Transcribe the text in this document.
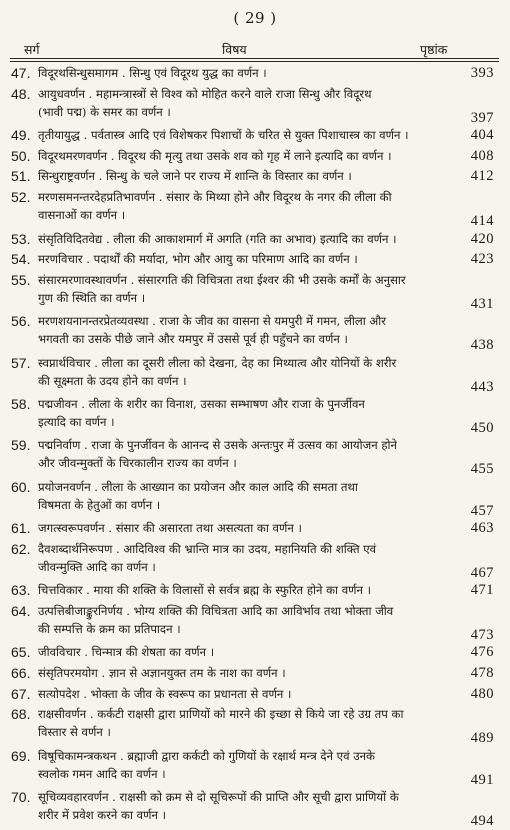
( 29 )
सर्ग	विषय	पृष्ठांक
47. विदूरथसिन्धुसमागम . सिन्धु एवं विदूरथ युद्ध का वर्णन ।	393
48. आयुधवर्णन . महामन्त्रास्त्रों से विश्व को मोहित करने वाले राजा सिन्धु और विदूरथ
(भावी पद्म) के समर का वर्णन ।	397
49. तृतीयायुद्ध . पर्वतास्त्र आदि एवं विशेषकर पिशाचों के चरित से युक्त पिशाचास्त्र का वर्णन ।	404
50. विदूरथमरणवर्णन . विदूरथ की मृत्यु तथा उसके शव को गृह में लाने इत्यादि का वर्णन ।	408
51. सिन्धुराष्ट्रवर्णन . सिन्धु के चले जाने पर राज्य में शान्ति के विस्तार का वर्णन ।	412
52. मरणसमनन्तरदेहप्रतिभावर्णन . संसार के मिथ्या होने और विदूरथ के नगर की लीला की
वासनाओं का वर्णन ।	414
53. संसृतिविदितवेद्य . लीला की आकाशमार्ग में अगति (गति का अभाव) इत्यादि का वर्णन ।	420
54. मरणविचार . पदार्थों की मर्यादा, भोग और आयु का परिमाण आदि का वर्णन ।	423
55. संसारमरणावस्थावर्णन . संसारगति की विचित्रता तथा ईश्वर की भी उसके कर्मों के अनुसार
गुण की स्थिति का वर्णन ।	431
56. मरणशयनानन्तरप्रेतव्यवस्था . राजा के जीव का वासना से यमपुरी में गमन, लीला और
भगवती का उसके पीछे जाने और यमपुर में उससे पूर्व ही पहुँचने का वर्णन ।	438
57. स्वप्नार्थविचार . लीला का दूसरी लीला को देखना, देह का मिथ्यात्व और योनियों के शरीर
की सूक्ष्मता के उदय होने का वर्णन ।	443
58. पद्मजीवन . लीला के शरीर का विनाश, उसका सम्भाषण और राजा के पुनर्जीवन
इत्यादि का वर्णन ।	450
59. पद्मनिर्वाण . राजा के पुनर्जीवन के आनन्द से उसके अन्तःपुर में उत्सव का आयोजन होने
और जीवन्मुक्तों के चिरकालीन राज्य का वर्णन ।	455
60. प्रयोजनवर्णन . लीला के आख्यान का प्रयोजन और काल आदि की समता तथा
विषमता के हेतुओं का वर्णन ।	457
61. जगत्स्वरूपवर्णन . संसार की असारता तथा असत्यता का वर्णन ।	463
62. दैवशब्दार्थनिरूपण . आदिविश्व की भ्रान्ति मात्र का उदय, महानियति की शक्ति एवं
जीवन्मुक्ति आदि का वर्णन ।	467
63. चित्तविकार . माया की शक्ति के विलासों से सर्वत्र ब्रह्म के स्फुरित होने का वर्णन ।	471
64. उत्पत्तिबीजाङ्कुरनिर्णय . भोग्य शक्ति की विचित्रता आदि का आविर्भाव तथा भोक्ता जीव
की सम्पत्ति के क्रम का प्रतिपादन ।	473
65. जीवविचार . चिन्मात्र की शेषता का वर्णन ।	476
66. संसृतिपरमयोग . ज्ञान से अज्ञानयुक्त तम के नाश का वर्णन ।	478
67. सत्योपदेश . भोक्ता के जीव के स्वरूप का प्रधानता से वर्णन ।	480
68. राक्षसीवर्णन . कर्कटी राक्षसी द्वारा प्राणियों को मारने की इच्छा से किये जा रहे उग्र तप का
विस्तार से वर्णन ।	489
69. विषूचिकामन्त्रकथन . ब्रह्माजी द्वारा कर्कटी को गुणियों के रक्षार्थ मन्त्र देने एवं उनके
स्वलोक गमन आदि का वर्णन ।	491
70. सूचिव्यवहारवर्णन . राक्षसी को क्रम से दो सूचिरूपों की प्राप्ति और सूची द्वारा प्राणियों के
शरीर में प्रवेश करने का वर्णन ।	494
